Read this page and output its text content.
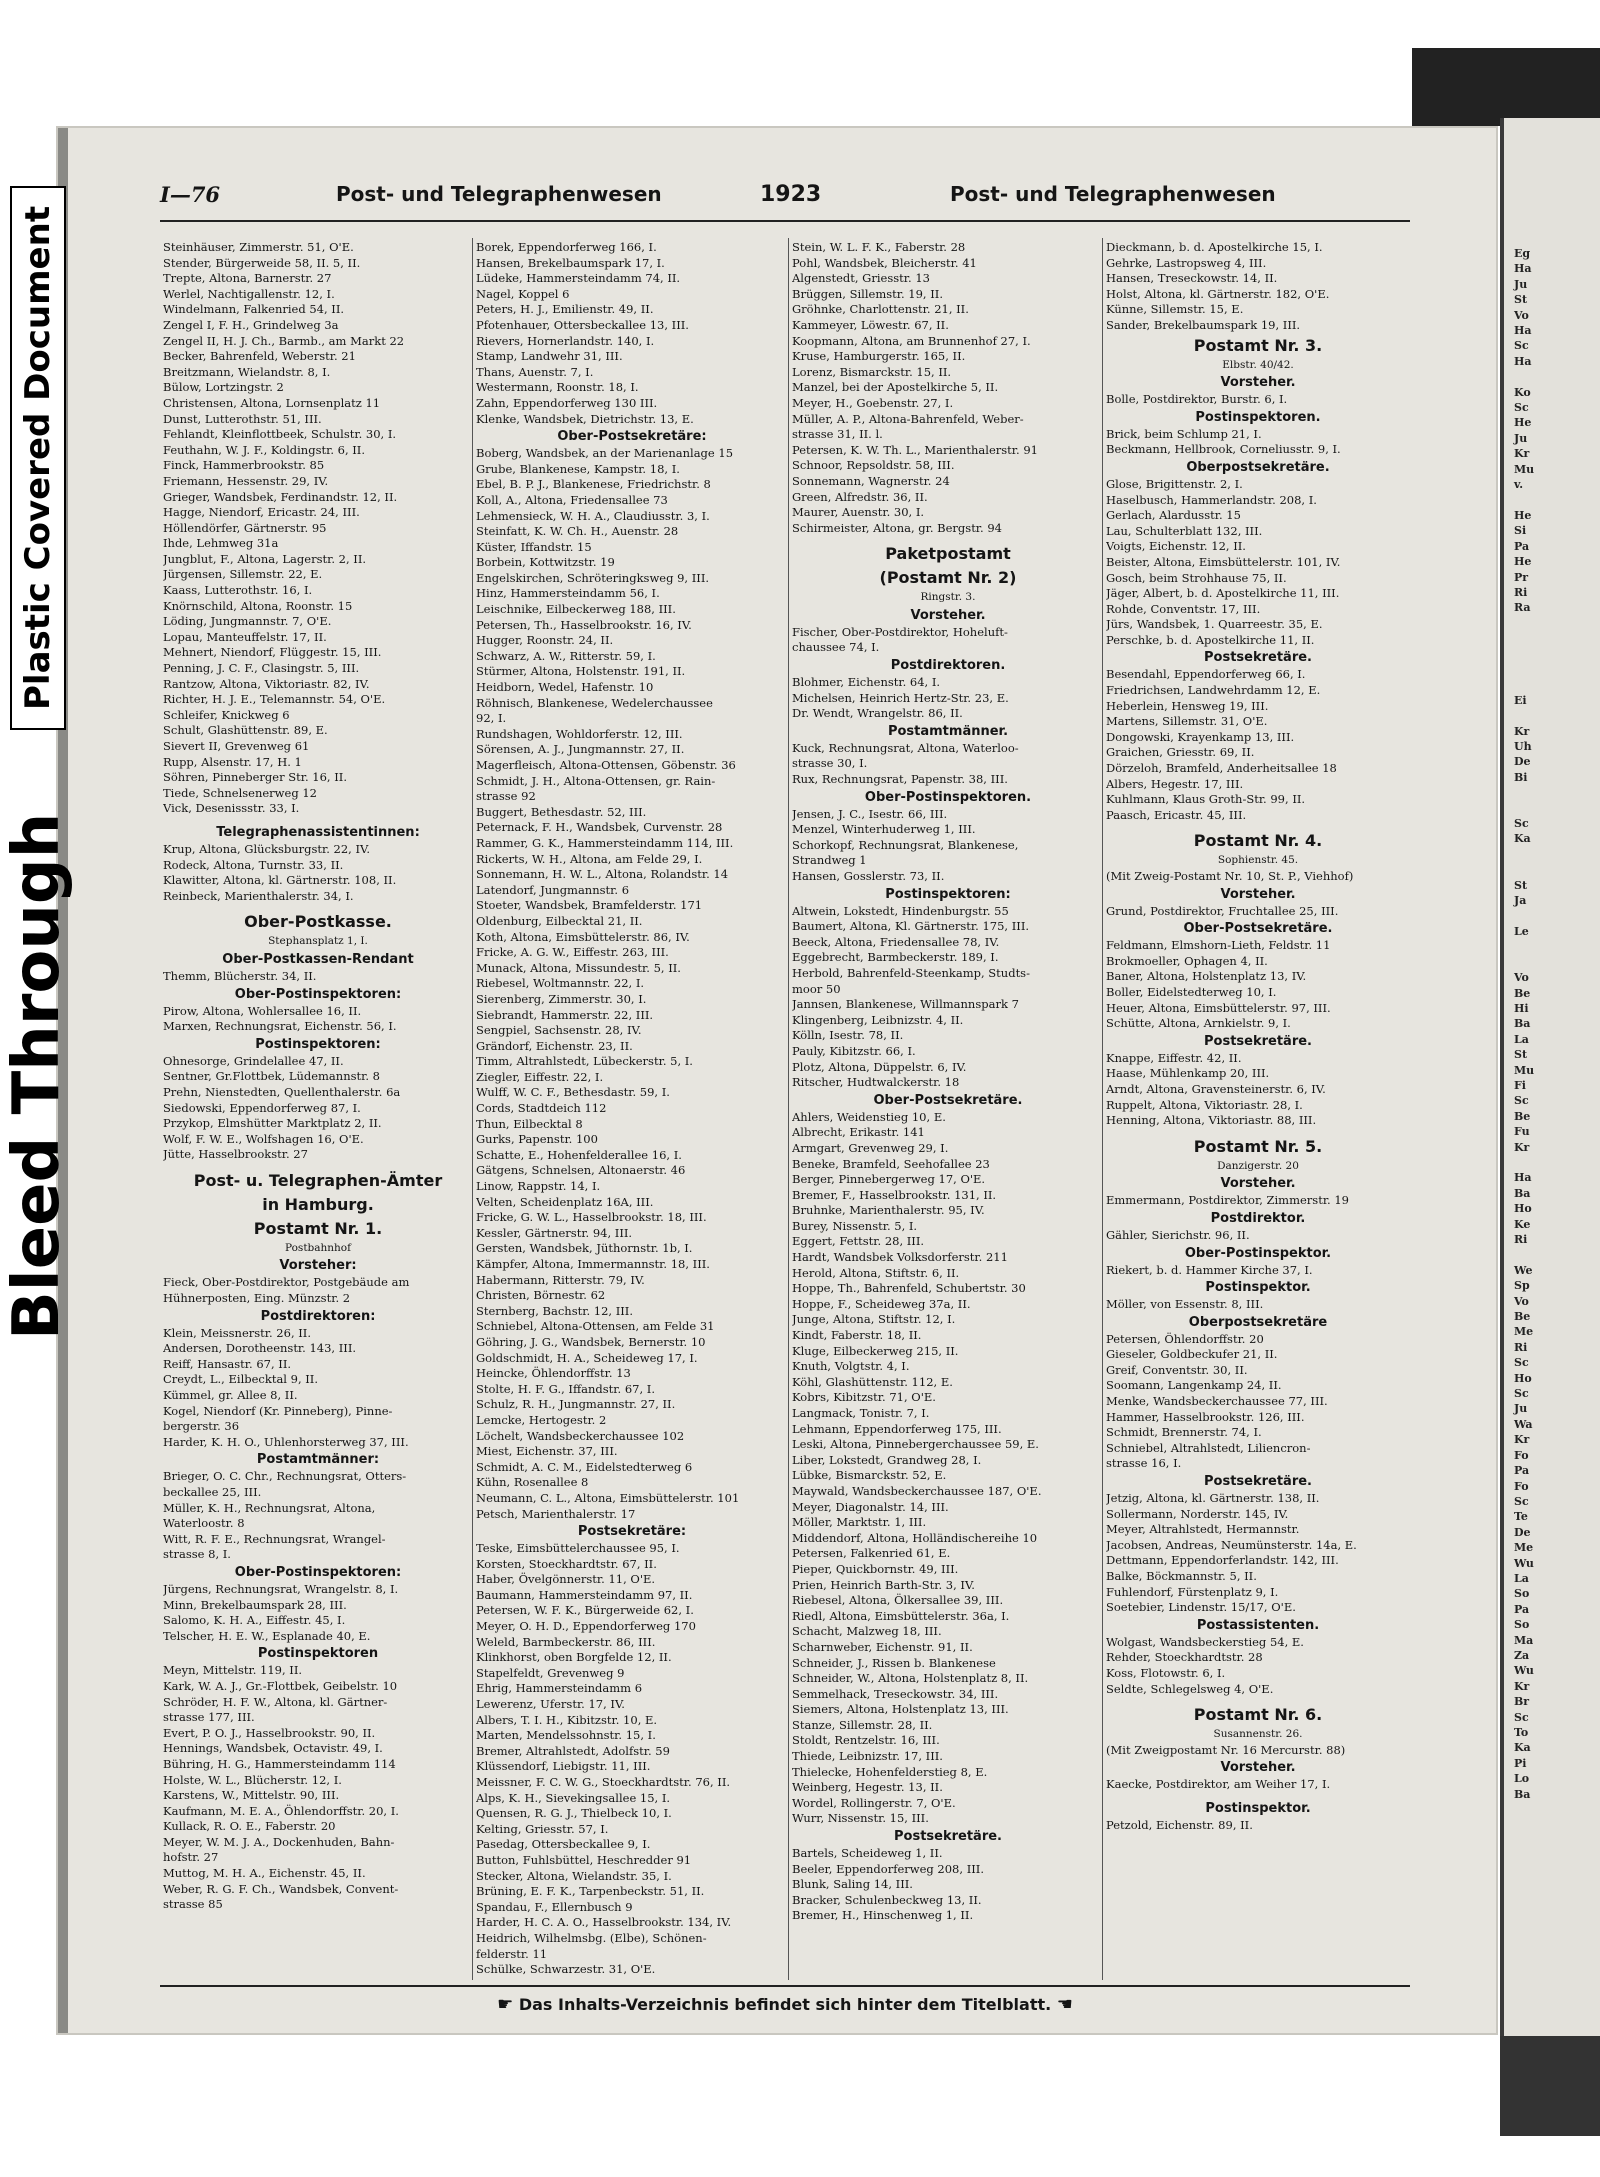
Eg
Ha
Ju
St
Vo
Ha
Sc
Ha

Ko
Sc
He
Ju
Kr
Mu
v.

He
Si
Pa
He
Pr
Ri
Ra

Ei

Kr
Uh
De
Bi

Sc
Ka

St
Ja

Le

Vo
Be
Hi
Ba
La
St
Mu
Fi
Sc
Be
Fu
Kr

Ha
Ba
Ho
Ke
Ri

We
Sp
Vo
Be
Me
Ri
Sc
Ho
Sc
Ju
Wa
Kr
Fo
Pa
Fo
Sc
Te
De
Me
Wu
La
So
Pa
So
Ma
Za
Wu
Kr
Br
Sc
To
Ka
Pi
Lo
Ba
Plastic Covered Document
Bleed Through
I—76	Post- und Telegraphenwesen	1923	Post- und Telegraphenwesen
Steinhäuser, Zimmerstr. 51, O'E.
Stender, Bürgerweide 58, II. 5, II.
Trepte, Altona, Barnerstr. 27
Werlel, Nachtigallenstr. 12, I.
Windelmann, Falkenried 54, II.
Zengel I, F. H., Grindelweg 3a
Zengel II, H. J. Ch., Barmb., am Markt 22
Becker, Bahrenfeld, Weberstr. 21
Breitzmann, Wielandstr. 8, I.
Bülow, Lortzingstr. 2
Christensen, Altona, Lornsenplatz 11
Dunst, Lutterothstr. 51, III.
Fehlandt, Kleinflottbeek, Schulstr. 30, I.
Feuthahn, W. J. F., Koldingstr. 6, II.
Finck, Hammerbrookstr. 85
Friemann, Hessenstr. 29, IV.
Grieger, Wandsbek, Ferdinandstr. 12, II.
Hagge, Niendorf, Ericastr. 24, III.
Höllendörfer, Gärtnerstr. 95
Ihde, Lehmweg 31a
Jungblut, F., Altona, Lagerstr. 2, II.
Jürgensen, Sillemstr. 22, E.
Kaass, Lutterothstr. 16, I.
Knörnschild, Altona, Roonstr. 15
Löding, Jungmannstr. 7, O'E.
Lopau, Manteuffelstr. 17, II.
Mehnert, Niendorf, Flüggestr. 15, III.
Penning, J. C. F., Clasingstr. 5, III.
Rantzow, Altona, Viktoriastr. 82, IV.
Richter, H. J. E., Telemannstr. 54, O'E.
Schleifer, Knickweg 6
Schult, Glashüttenstr. 89, E.
Sievert II, Grevenweg 61
Rupp, Alsenstr. 17, H. 1
Söhren, Pinneberger Str. 16, II.
Tiede, Schnelsenerweg 12
Vick, Desenissstr. 33, I.
Telegraphenassistentinnen:
Krup, Altona, Glücksburgstr. 22, IV.
Rodeck, Altona, Turnstr. 33, II.
Klawitter, Altona, kl. Gärtnerstr. 108, II.
Reinbeck, Marienthalerstr. 34, I.
Ober-Postkasse.
Stephansplatz 1, I.
Ober-Postkassen-Rendant
Themm, Blücherstr. 34, II.
Ober-Postinspektoren:
Pirow, Altona, Wohlersallee 16, II.
Marxen, Rechnungsrat, Eichenstr. 56, I.
Postinspektoren:
Ohnesorge, Grindelallee 47, II.
Sentner, Gr.Flottbek, Lüdemannstr. 8
Prehn, Nienstedten, Quellenthalerstr. 6a
Siedowski, Eppendorferweg 87, I.
Przykop, Elmshütter Marktplatz 2, II.
Wolf, F. W. E., Wolfshagen 16, O'E.
Jütte, Hasselbrookstr. 27
Post- u. Telegraphen-Ämter
in Hamburg.
Postamt Nr. 1.
Postbahnhof
Vorsteher:
Fieck, Ober-Postdirektor, Postgebäude am
Hühnerposten, Eing. Münzstr. 2
Postdirektoren:
Klein, Meissnerstr. 26, II.
Andersen, Dorotheenstr. 143, III.
Reiff, Hansastr. 67, II.
Creydt, L., Eilbecktal 9, II.
Kümmel, gr. Allee 8, II.
Kogel, Niendorf (Kr. Pinneberg), Pinne-
bergerstr. 36
Harder, K. H. O., Uhlenhorsterweg 37, III.
Postamtmänner:
Brieger, O. C. Chr., Rechnungsrat, Otters-
beckallee 25, III.
Müller, K. H., Rechnungsrat, Altona,
Waterloostr. 8
Witt, R. F. E., Rechnungsrat, Wrangel-
strasse 8, I.
Ober-Postinspektoren:
Jürgens, Rechnungsrat, Wrangelstr. 8, I.
Minn, Brekelbaumspark 28, III.
Salomo, K. H. A., Eiffestr. 45, I.
Telscher, H. E. W., Esplanade 40, E.
Postinspektoren
Meyn, Mittelstr. 119, II.
Kark, W. A. J., Gr.-Flottbek, Geibelstr. 10
Schröder, H. F. W., Altona, kl. Gärtner-
strasse 177, III.
Evert, P. O. J., Hasselbrookstr. 90, II.
Hennings, Wandsbek, Octavistr. 49, I.
Bühring, H. G., Hammersteindamm 114
Holste, W. L., Blücherstr. 12, I.
Karstens, W., Mittelstr. 90, III.
Kaufmann, M. E. A., Öhlendorffstr. 20, I.
Kullack, R. O. E., Faberstr. 20
Meyer, W. M. J. A., Dockenhuden, Bahn-
hofstr. 27
Muttog, M. H. A., Eichenstr. 45, II.
Weber, R. G. F. Ch., Wandsbek, Convent-
strasse 85
Borek, Eppendorferweg 166, I.
Hansen, Brekelbaumspark 17, I.
Lüdeke, Hammersteindamm 74, II.
Nagel, Koppel 6
Peters, H. J., Emilienstr. 49, II.
Pfotenhauer, Ottersbeckallee 13, III.
Rievers, Hornerlandstr. 140, I.
Stamp, Landwehr 31, III.
Thans, Auenstr. 7, I.
Westermann, Roonstr. 18, I.
Zahn, Eppendorferweg 130 III.
Klenke, Wandsbek, Dietrichstr. 13, E.
Ober-Postsekretäre:
Boberg, Wandsbek, an der Marienanlage 15
Grube, Blankenese, Kampstr. 18, I.
Ebel, B. P. J., Blankenese, Friedrichstr. 8
Koll, A., Altona, Friedensallee 73
Lehmensieck, W. H. A., Claudiusstr. 3, I.
Steinfatt, K. W. Ch. H., Auenstr. 28
Küster, Iffandstr. 15
Borbein, Kottwitzstr. 19
Engelskirchen, Schröteringksweg 9, III.
Hinz, Hammersteindamm 56, I.
Leischnike, Eilbeckerweg 188, III.
Petersen, Th., Hasselbrookstr. 16, IV.
Hugger, Roonstr. 24, II.
Schwarz, A. W., Ritterstr. 59, I.
Stürmer, Altona, Holstenstr. 191, II.
Heidborn, Wedel, Hafenstr. 10
Röhnisch, Blankenese, Wedelerchaussee
92, I.
Rundshagen, Wohldorferstr. 12, III.
Sörensen, A. J., Jungmannstr. 27, II.
Magerfleisch, Altona-Ottensen, Göbenstr. 36
Schmidt, J. H., Altona-Ottensen, gr. Rain-
strasse 92
Buggert, Bethesdastr. 52, III.
Peternack, F. H., Wandsbek, Curvenstr. 28
Rammer, G. K., Hammersteindamm 114, III.
Rickerts, W. H., Altona, am Felde 29, I.
Sonnemann, H. W. L., Altona, Rolandstr. 14
Latendorf, Jungmannstr. 6
Stoeter, Wandsbek, Bramfelderstr. 171
Oldenburg, Eilbecktal 21, II.
Koth, Altona, Eimsbüttelerstr. 86, IV.
Fricke, A. G. W., Eiffestr. 263, III.
Munack, Altona, Missundestr. 5, II.
Riebesel, Woltmannstr. 22, I.
Sierenberg, Zimmerstr. 30, I.
Siebrandt, Hammerstr. 22, III.
Sengpiel, Sachsenstr. 28, IV.
Grändorf, Eichenstr. 23, II.
Timm, Altrahlstedt, Lübeckerstr. 5, I.
Ziegler, Eiffestr. 22, I.
Wulff, W. C. F., Bethesdastr. 59, I.
Cords, Stadtdeich 112
Thun, Eilbecktal 8
Gurks, Papenstr. 100
Schatte, E., Hohenfelderallee 16, I.
Gätgens, Schnelsen, Altonaerstr. 46
Linow, Rappstr. 14, I.
Velten, Scheidenplatz 16A, III.
Fricke, G. W. L., Hasselbrookstr. 18, III.
Kessler, Gärtnerstr. 94, III.
Gersten, Wandsbek, Jüthornstr. 1b, I.
Kämpfer, Altona, Immermannstr. 18, III.
Habermann, Ritterstr. 79, IV.
Christen, Börnestr. 62
Sternberg, Bachstr. 12, III.
Schniebel, Altona-Ottensen, am Felde 31
Göhring, J. G., Wandsbek, Bernerstr. 10
Goldschmidt, H. A., Scheideweg 17, I.
Heincke, Öhlendorffstr. 13
Stolte, H. F. G., Iffandstr. 67, I.
Schulz, R. H., Jungmannstr. 27, II.
Lemcke, Hertogestr. 2
Löchelt, Wandsbeckerchaussee 102
Miest, Eichenstr. 37, III.
Schmidt, A. C. M., Eidelstedterweg 6
Kühn, Rosenallee 8
Neumann, C. L., Altona, Eimsbüttelerstr. 101
Petsch, Marienthalerstr. 17
Postsekretäre:
Teske, Eimsbüttelerchaussee 95, I.
Korsten, Stoeckhardtstr. 67, II.
Haber, Övelgönnerstr. 11, O'E.
Baumann, Hammersteindamm 97, II.
Petersen, W. F. K., Bürgerweide 62, I.
Meyer, O. H. D., Eppendorferweg 170
Weleld, Barmbeckerstr. 86, III.
Klinkhorst, oben Borgfelde 12, II.
Stapelfeldt, Grevenweg 9
Ehrig, Hammersteindamm 6
Lewerenz, Uferstr. 17, IV.
Albers, T. I. H., Kibitzstr. 10, E.
Marten, Mendelssohnstr. 15, I.
Bremer, Altrahlstedt, Adolfstr. 59
Klüssendorf, Liebigstr. 11, III.
Meissner, F. C. W. G., Stoeckhardtstr. 76, II.
Alps, K. H., Sievekingsallee 15, I.
Quensen, R. G. J., Thielbeck 10, I.
Kelting, Griesstr. 57, I.
Pasedag, Ottersbeckallee 9, I.
Button, Fuhlsbüttel, Heschredder 91
Stecker, Altona, Wielandstr. 35, I.
Brüning, E. F. K., Tarpenbeckstr. 51, II.
Spandau, F., Ellernbusch 9
Harder, H. C. A. O., Hasselbrookstr. 134, IV.
Heidrich, Wilhelmsbg. (Elbe), Schönen-
felderstr. 11
Schülke, Schwarzestr. 31, O'E.
Stein, W. L. F. K., Faberstr. 28
Pohl, Wandsbek, Bleicherstr. 41
Algenstedt, Griesstr. 13
Brüggen, Sillemstr. 19, II.
Gröhnke, Charlottenstr. 21, II.
Kammeyer, Löwestr. 67, II.
Koopmann, Altona, am Brunnenhof 27, I.
Kruse, Hamburgerstr. 165, II.
Lorenz, Bismarckstr. 15, II.
Manzel, bei der Apostelkirche 5, II.
Meyer, H., Goebenstr. 27, I.
Müller, A. P., Altona-Bahrenfeld, Weber-
strasse 31, II. l.
Petersen, K. W. Th. L., Marienthalerstr. 91
Schnoor, Repsoldstr. 58, III.
Sonnemann, Wagnerstr. 24
Green, Alfredstr. 36, II.
Maurer, Auenstr. 30, I.
Schirmeister, Altona, gr. Bergstr. 94
Paketpostamt
(Postamt Nr. 2)
Ringstr. 3.
Vorsteher.
Fischer, Ober-Postdirektor, Hoheluft-
chaussee 74, I.
Postdirektoren.
Blohmer, Eichenstr. 64, I.
Michelsen, Heinrich Hertz-Str. 23, E.
Dr. Wendt, Wrangelstr. 86, II.
Postamtmänner.
Kuck, Rechnungsrat, Altona, Waterloo-
strasse 30, I.
Rux, Rechnungsrat, Papenstr. 38, III.
Ober-Postinspektoren.
Jensen, J. C., Isestr. 66, III.
Menzel, Winterhuderweg 1, III.
Schorkopf, Rechnungsrat, Blankenese,
Strandweg 1
Hansen, Gosslerstr. 73, II.
Postinspektoren:
Altwein, Lokstedt, Hindenburgstr. 55
Baumert, Altona, Kl. Gärtnerstr. 175, III.
Beeck, Altona, Friedensallee 78, IV.
Eggebrecht, Barmbeckerstr. 189, I.
Herbold, Bahrenfeld-Steenkamp, Studts-
moor 50
Jannsen, Blankenese, Willmannspark 7
Klingenberg, Leibnizstr. 4, II.
Kölln, Isestr. 78, II.
Pauly, Kibitzstr. 66, I.
Plotz, Altona, Düppelstr. 6, IV.
Ritscher, Hudtwalckerstr. 18
Ober-Postsekretäre.
Ahlers, Weidenstieg 10, E.
Albrecht, Erikastr. 141
Armgart, Grevenweg 29, I.
Beneke, Bramfeld, Seehofallee 23
Berger, Pinnebergerweg 17, O'E.
Bremer, F., Hasselbrookstr. 131, II.
Bruhnke, Marienthalerstr. 95, IV.
Burey, Nissenstr. 5, I.
Eggert, Fettstr. 28, III.
Hardt, Wandsbek Volksdorferstr. 211
Herold, Altona, Stiftstr. 6, II.
Hoppe, Th., Bahrenfeld, Schubertstr. 30
Hoppe, F., Scheideweg 37a, II.
Junge, Altona, Stiftstr. 12, I.
Kindt, Faberstr. 18, II.
Kluge, Eilbeckerweg 215, II.
Knuth, Volgtstr. 4, I.
Köhl, Glashüttenstr. 112, E.
Kobrs, Kibitzstr. 71, O'E.
Langmack, Tonistr. 7, I.
Lehmann, Eppendorferweg 175, III.
Leski, Altona, Pinnebergerchaussee 59, E.
Liber, Lokstedt, Grandweg 28, I.
Lübke, Bismarckstr. 52, E.
Maywald, Wandsbeckerchaussee 187, O'E.
Meyer, Diagonalstr. 14, III.
Möller, Marktstr. 1, III.
Middendorf, Altona, Holländischereihe 10
Petersen, Falkenried 61, E.
Pieper, Quickbornstr. 49, III.
Prien, Heinrich Barth-Str. 3, IV.
Riebesel, Altona, Ölkersallee 39, III.
Riedl, Altona, Eimsbüttelerstr. 36a, I.
Schacht, Malzweg 18, III.
Scharnweber, Eichenstr. 91, II.
Schneider, J., Rissen b. Blankenese
Schneider, W., Altona, Holstenplatz 8, II.
Semmelhack, Treseckowstr. 34, III.
Siemers, Altona, Holstenplatz 13, III.
Stanze, Sillemstr. 28, II.
Stoldt, Rentzelstr. 16, III.
Thiede, Leibnizstr. 17, III.
Thielecke, Hohenfelderstieg 8, E.
Weinberg, Hegestr. 13, II.
Wordel, Rollingerstr. 7, O'E.
Wurr, Nissenstr. 15, III.
Postsekretäre.
Bartels, Scheideweg 1, II.
Beeler, Eppendorferweg 208, III.
Blunk, Saling 14, III.
Bracker, Schulenbeckweg 13, II.
Bremer, H., Hinschenweg 1, II.
Dieckmann, b. d. Apostelkirche 15, I.
Gehrke, Lastropsweg 4, III.
Hansen, Treseckowstr. 14, II.
Holst, Altona, kl. Gärtnerstr. 182, O'E.
Künne, Sillemstr. 15, E.
Sander, Brekelbaumspark 19, III.
Postamt Nr. 3.
Elbstr. 40/42.
Vorsteher.
Bolle, Postdirektor, Burstr. 6, I.
Postinspektoren.
Brick, beim Schlump 21, I.
Beckmann, Hellbrook, Corneliusstr. 9, I.
Oberpostsekretäre.
Glose, Brigittenstr. 2, I.
Haselbusch, Hammerlandstr. 208, I.
Gerlach, Alardusstr. 15
Lau, Schulterblatt 132, III.
Voigts, Eichenstr. 12, II.
Beister, Altona, Eimsbüttelerstr. 101, IV.
Gosch, beim Strohhause 75, II.
Jäger, Albert, b. d. Apostelkirche 11, III.
Rohde, Conventstr. 17, III.
Jürs, Wandsbek, 1. Quarreestr. 35, E.
Perschke, b. d. Apostelkirche 11, II.
Postsekretäre.
Besendahl, Eppendorferweg 66, I.
Friedrichsen, Landwehrdamm 12, E.
Heberlein, Hensweg 19, III.
Martens, Sillemstr. 31, O'E.
Dongowski, Krayenkamp 13, III.
Graichen, Griesstr. 69, II.
Dörzeloh, Bramfeld, Anderheitsallee 18
Albers, Hegestr. 17, III.
Kuhlmann, Klaus Groth-Str. 99, II.
Paasch, Ericastr. 45, III.
Postamt Nr. 4.
Sophienstr. 45.
(Mit Zweig-Postamt Nr. 10, St. P., Viehhof)
Vorsteher.
Grund, Postdirektor, Fruchtallee 25, III.
Ober-Postsekretäre.
Feldmann, Elmshorn-Lieth, Feldstr. 11
Brokmoeller, Ophagen 4, II.
Baner, Altona, Holstenplatz 13, IV.
Boller, Eidelstedterweg 10, I.
Heuer, Altona, Eimsbüttelerstr. 97, III.
Schütte, Altona, Arnkielstr. 9, I.
Postsekretäre.
Knappe, Eiffestr. 42, II.
Haase, Mühlenkamp 20, III.
Arndt, Altona, Gravensteinerstr. 6, IV.
Ruppelt, Altona, Viktoriastr. 28, I.
Henning, Altona, Viktoriastr. 88, III.
Postamt Nr. 5.
Danzigerstr. 20
Vorsteher.
Emmermann, Postdirektor, Zimmerstr. 19
Postdirektor.
Gähler, Sierichstr. 96, II.
Ober-Postinspektor.
Riekert, b. d. Hammer Kirche 37, I.
Postinspektor.
Möller, von Essenstr. 8, III.
Oberpostsekretäre
Petersen, Öhlendorffstr. 20
Gieseler, Goldbeckufer 21, II.
Greif, Conventstr. 30, II.
Soomann, Langenkamp 24, II.
Menke, Wandsbeckerchaussee 77, III.
Hammer, Hasselbrookstr. 126, III.
Schmidt, Brennerstr. 74, I.
Schniebel, Altrahlstedt, Liliencron-
strasse 16, I.
Postsekretäre.
Jetzig, Altona, kl. Gärtnerstr. 138, II.
Sollermann, Norderstr. 145, IV.
Meyer, Altrahlstedt, Hermannstr.
Jacobsen, Andreas, Neumünsterstr. 14a, E.
Dettmann, Eppendorferlandstr. 142, III.
Balke, Böckmannstr. 5, II.
Fuhlendorf, Fürstenplatz 9, I.
Soetebier, Lindenstr. 15/17, O'E.
Postassistenten.
Wolgast, Wandsbeckerstieg 54, E.
Rehder, Stoeckhardtstr. 28
Koss, Flotowstr. 6, I.
Seldte, Schlegelsweg 4, O'E.
Postamt Nr. 6.
Susannenstr. 26.
(Mit Zweigpostamt Nr. 16 Mercurstr. 88)
Vorsteher.
Kaecke, Postdirektor, am Weiher 17, I.
Postinspektor.
Petzold, Eichenstr. 89, II.
☛ Das Inhalts-Verzeichnis befindet sich hinter dem Titelblatt. ☚
